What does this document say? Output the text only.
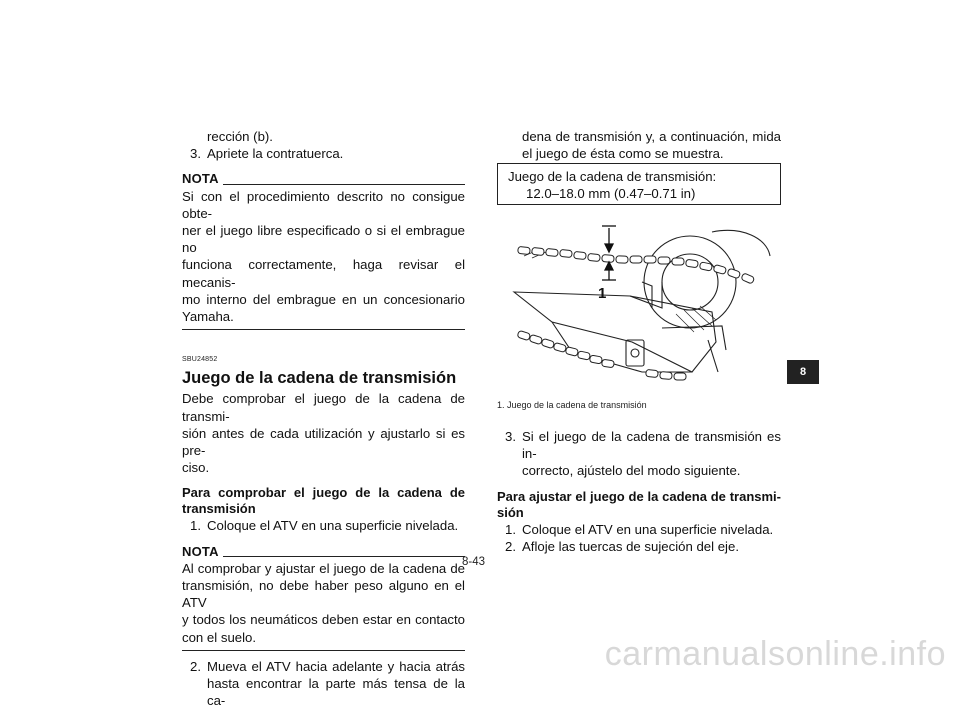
rección (b).
3. Apriete la contratuerca.
NOTA
Si con el procedimiento descrito no consigue obte-
ner el juego libre especificado o si el embrague no
funciona correctamente, haga revisar el mecanis-
mo interno del embrague en un concesionario
Yamaha.
SBU24852
Juego de la cadena de transmisión
Debe comprobar el juego de la cadena de transmi-
sión antes de cada utilización y ajustarlo si es pre-
ciso.
Para comprobar el juego de la cadena de
transmisión
1. Coloque el ATV en una superficie nivelada.
NOTA
Al comprobar y ajustar el juego de la cadena de
transmisión, no debe haber peso alguno en el ATV
y todos los neumáticos deben estar en contacto
con el suelo.
2. Mueva el ATV hacia adelante y hacia atrás
hasta encontrar la parte más tensa de la ca-
dena de transmisión y, a continuación, mida
el juego de ésta como se muestra.
Juego de la cadena de transmisión:
12.0–18.0 mm (0.47–0.71 in)
1
1. Juego de la cadena de transmisión
3. Si el juego de la cadena de transmisión es in-
correcto, ajústelo del modo siguiente.
Para ajustar el juego de la cadena de transmi-
sión
1. Coloque el ATV en una superficie nivelada.
2. Afloje las tuercas de sujeción del eje.
8
8-43
carmanualsonline.info
